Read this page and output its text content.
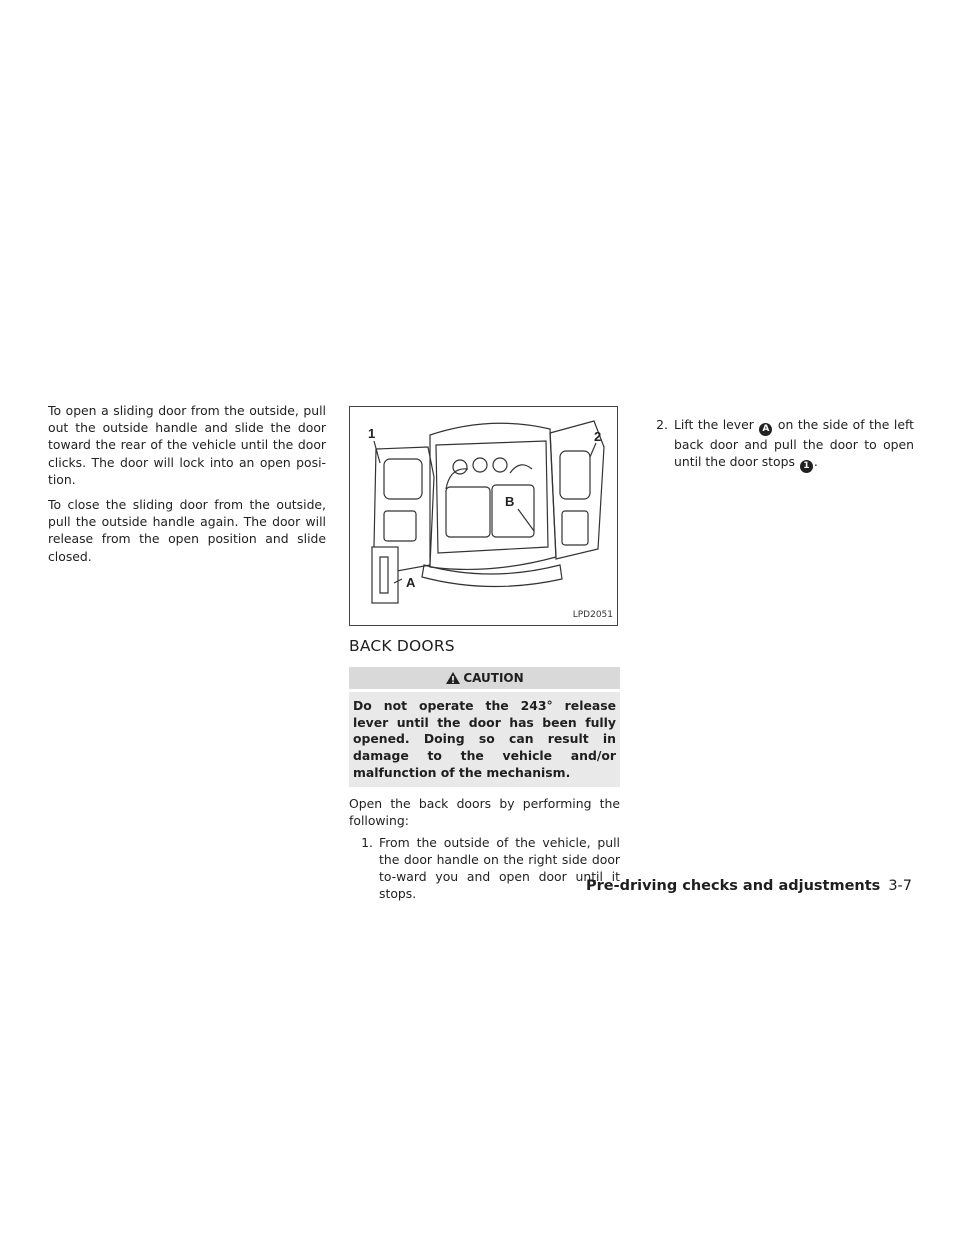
To open a sliding door from the outside, pull out the outside handle and slide the door toward the rear of the vehicle until the door clicks. The door will lock into an open posi-tion.

To close the sliding door from the outside, pull the outside handle again. The door will release from the open position and slide closed.

1	2
B
A
LPD2051
BACK DOORS
CAUTION
Do not operate the 243° release lever until the door has been fully opened. Doing so can result in damage to the vehicle and/or malfunction of the mechanism.

Open the back doors by performing the following:

1. From the outside of the vehicle, pull the door handle on the right side door to-ward you and open door until it stops.
2. Lift the lever A on the side of the left back door and pull the door to open until the door stops 1 .
Pre-driving checks and adjustments 3-7
